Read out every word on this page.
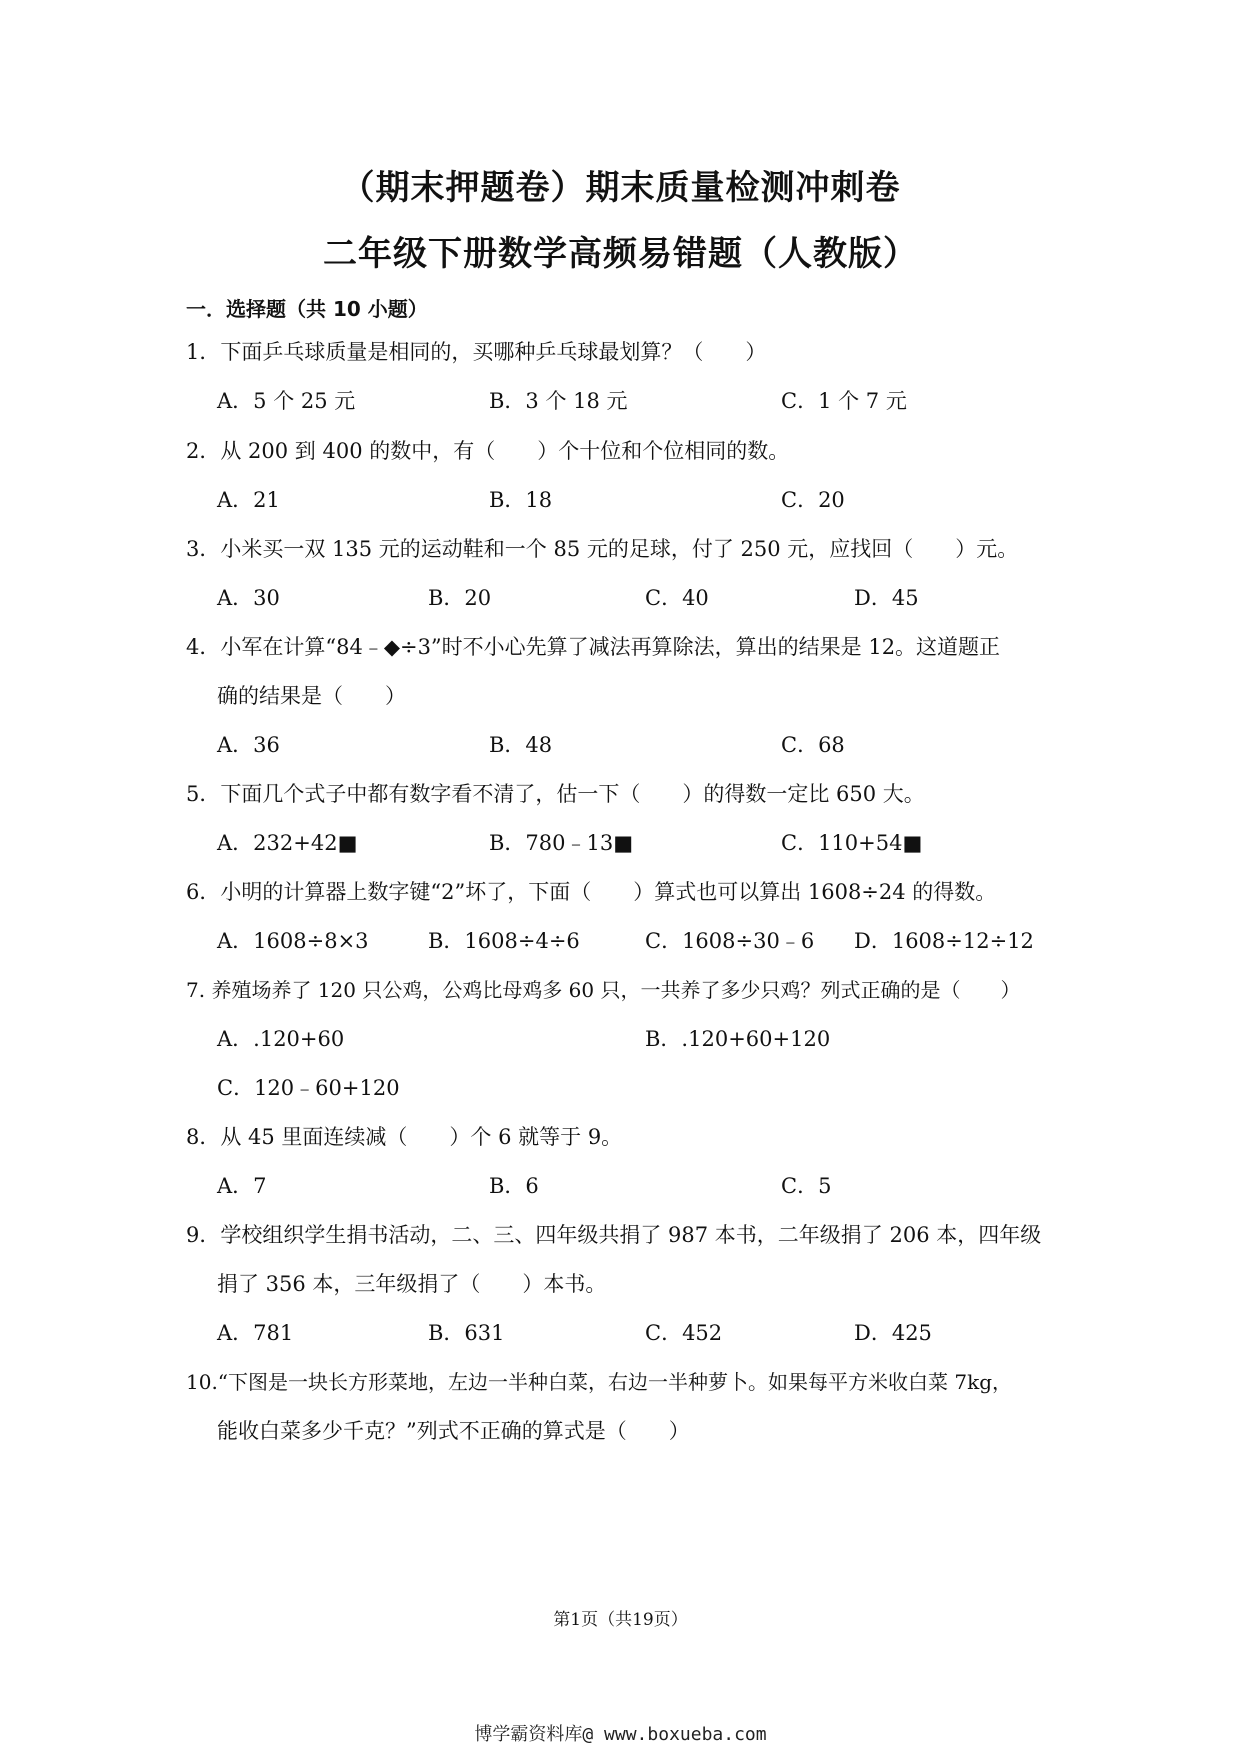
（期末押题卷）期末质量检测冲刺卷
二年级下册数学高频易错题（人教版）
一．选择题（共 10 小题）
1．下面乒乓球质量是相同的，买哪种乒乓球最划算？（　　）
A．5 个 25 元	B．3 个 18 元	C．1 个 7 元
2．从 200 到 400 的数中，有（　　）个十位和个位相同的数。
A．21	B．18	C．20
3．小米买一双 135 元的运动鞋和一个 85 元的足球，付了 250 元，应找回（　　）元。
A．30	B．20	C．40	D．45
4．小军在计算“84﹣◆÷3”时不小心先算了减法再算除法，算出的结果是 12。这道题正
确的结果是（　　）
A．36	B．48	C．68
5．下面几个式子中都有数字看不清了，估一下（　　）的得数一定比 650 大。
A．232+42■	B．780﹣13■	C．110+54■
6．小明的计算器上数字键“2”坏了，下面（　　）算式也可以算出 1608÷24 的得数。
A．1608÷8×3	B．1608÷4÷6	C．1608÷30﹣6 D．1608÷12÷12
7. 养殖场养了 120 只公鸡，公鸡比母鸡多 60 只，一共养了多少只鸡？列式正确的是（　　）
A．.120+60	B．.120+60+120
C．120﹣60+120
8．从 45 里面连续减（　　）个 6 就等于 9。
A．7	B．6	C．5
9．学校组织学生捐书活动，二、三、四年级共捐了 987 本书，二年级捐了 206 本，四年级
捐了 356 本，三年级捐了（　　）本书。
A．781	B．631	C．452	D．425
10.“下图是一块长方形菜地，左边一半种白菜，右边一半种萝卜。如果每平方米收白菜 7kg，
能收白菜多少千克？”列式不正确的算式是（　　）
第1页（共19页）
博学霸资料库@ www.boxueba.com
